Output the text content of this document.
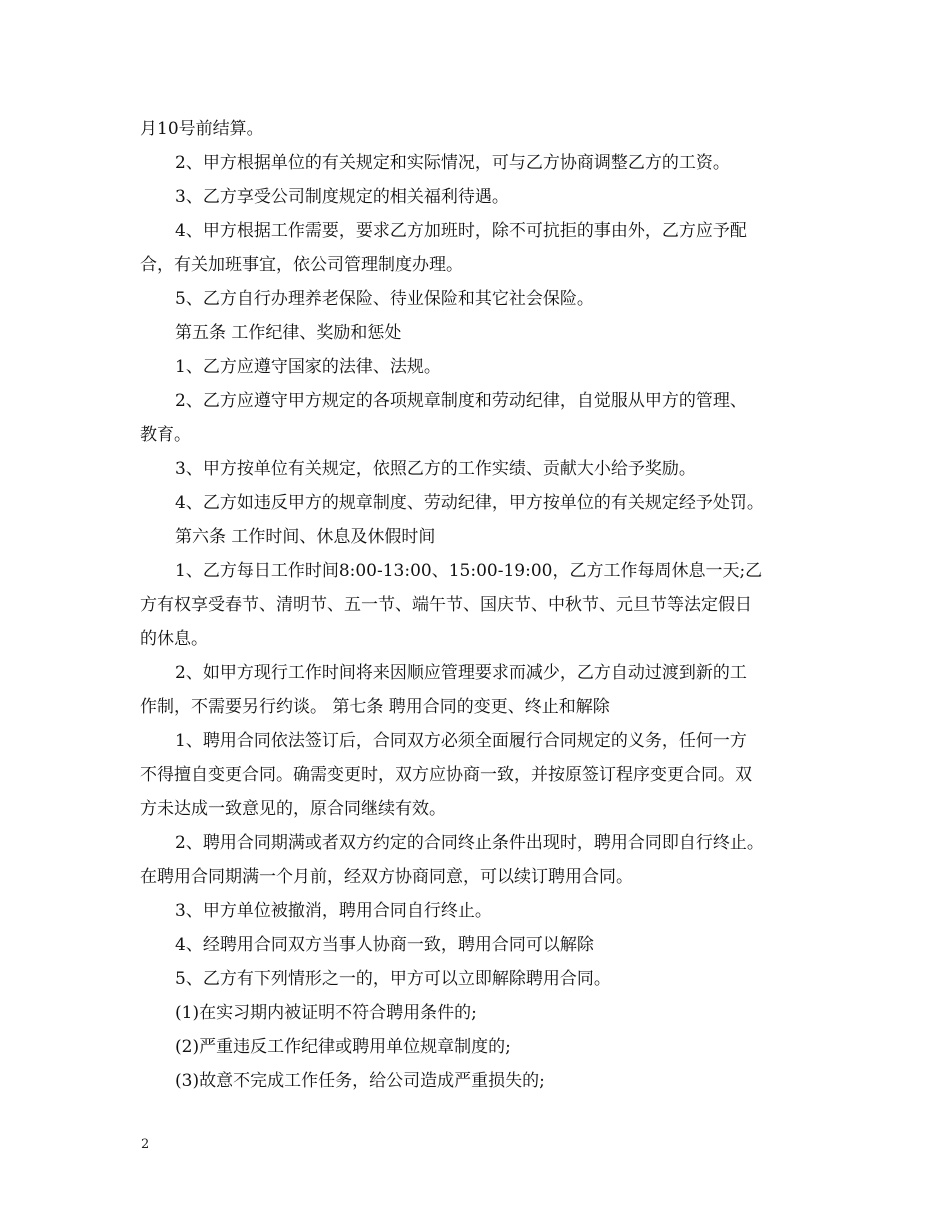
月10号前结算。
2、甲方根据单位的有关规定和实际情况，可与乙方协商调整乙方的工资。
3、乙方享受公司制度规定的相关福利待遇。
4、甲方根据工作需要，要求乙方加班时，除不可抗拒的事由外，乙方应予配
合，有关加班事宜，依公司管理制度办理。
5、乙方自行办理养老保险、待业保险和其它社会保险。
第五条 工作纪律、奖励和惩处
1、乙方应遵守国家的法律、法规。
2、乙方应遵守甲方规定的各项规章制度和劳动纪律，自觉服从甲方的管理、
教育。
3、甲方按单位有关规定，依照乙方的工作实绩、贡献大小给予奖励。
4、乙方如违反甲方的规章制度、劳动纪律，甲方按单位的有关规定经予处罚。
第六条 工作时间、休息及休假时间
1、乙方每日工作时间8:00-13:00、15:00-19:00，乙方工作每周休息一天;乙
方有权享受春节、清明节、五一节、端午节、国庆节、中秋节、元旦节等法定假日
的休息。
2、如甲方现行工作时间将来因顺应管理要求而减少，乙方自动过渡到新的工
作制，不需要另行约谈。 第七条 聘用合同的变更、终止和解除
1、聘用合同依法签订后，合同双方必须全面履行合同规定的义务，任何一方
不得擅自变更合同。确需变更时，双方应协商一致，并按原签订程序变更合同。双
方未达成一致意见的，原合同继续有效。
2、聘用合同期满或者双方约定的合同终止条件出现时，聘用合同即自行终止。
在聘用合同期满一个月前，经双方协商同意，可以续订聘用合同。
3、甲方单位被撤消，聘用合同自行终止。
4、经聘用合同双方当事人协商一致，聘用合同可以解除
5、乙方有下列情形之一的，甲方可以立即解除聘用合同。
(1)在实习期内被证明不符合聘用条件的;
(2)严重违反工作纪律或聘用单位规章制度的;
(3)故意不完成工作任务，给公司造成严重损失的;
2
